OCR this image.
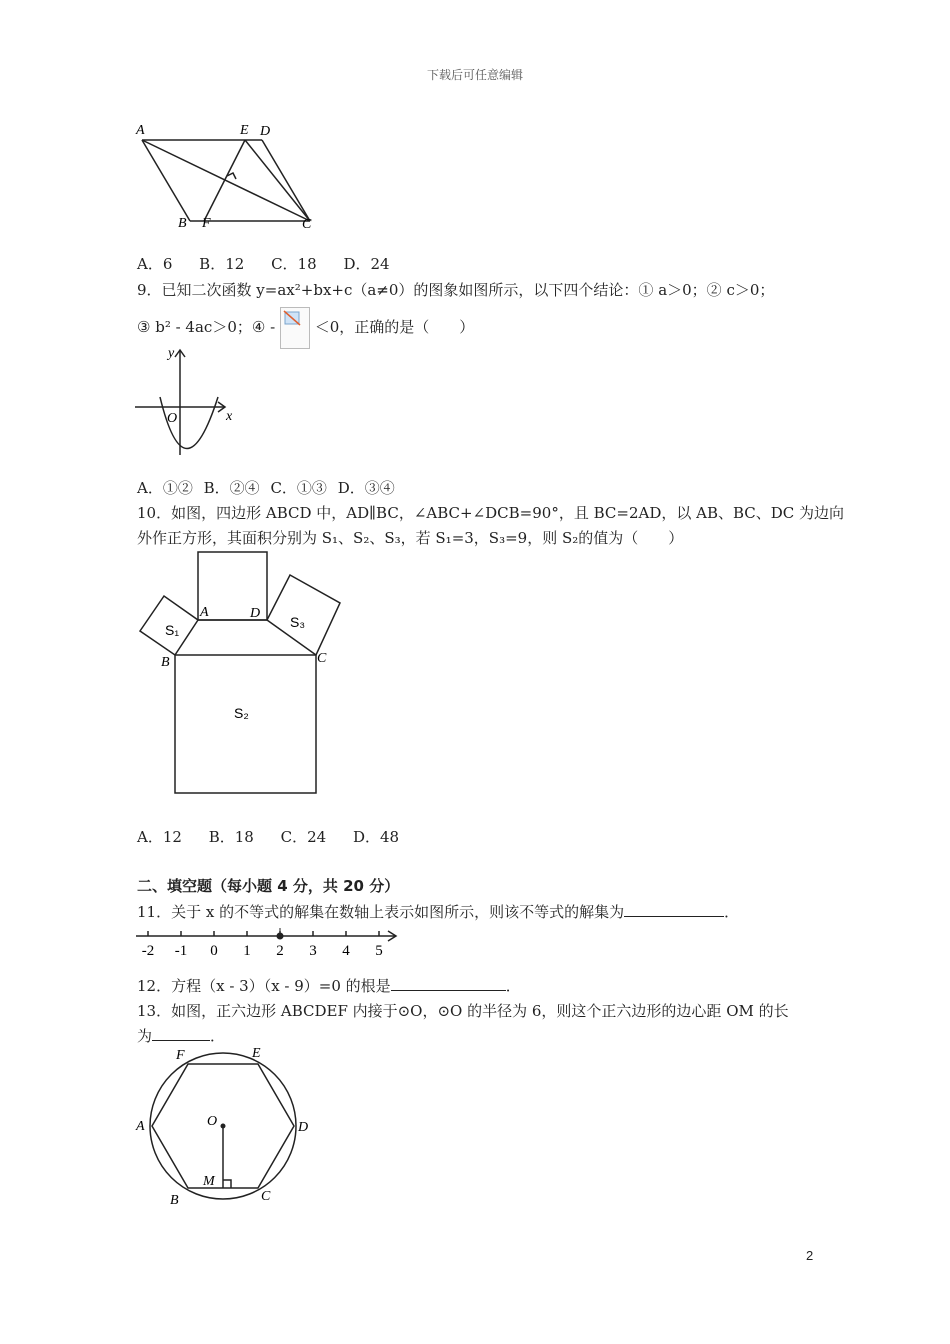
下载后可任意编辑
A	E D
B F	C
A．6 B．12 C．18 D．24
9．已知二次函数 y=ax²+bx+c（a≠0）的图象如图所示，以下四个结论：① a＞0；② c＞0；
③ b² - 4ac＞0；④ -	＜0，正确的是（　　）
y
O	x
A．①② B．②④ C．①③ D．③④
10．如图，四边形 ABCD 中，AD∥BC，∠ABC+∠DCB=90°，且 BC=2AD，以 AB、BC、DC 为边向
外作正方形，其面积分别为 S₁、S₂、S₃，若 S₁=3，S₃=9，则 S₂的值为（　　）
A	D
B	C
S₁	S₃
S₂
A．12 B．18 C．24 D．48
二、填空题（每小题 4 分，共 20 分）
11．关于 x 的不等式的解集在数轴上表示如图所示，则该不等式的解集为	．
-2 -1 0 1 2 3 4 5
12．方程（x - 3）（x - 9）=0 的根是	．
13．如图，正六边形 ABCDEF 内接于⊙O，⊙O 的半径为 6，则这个正六边形的边心距 OM 的长
为	．
F	E
A	D
O
M
B	C
2
